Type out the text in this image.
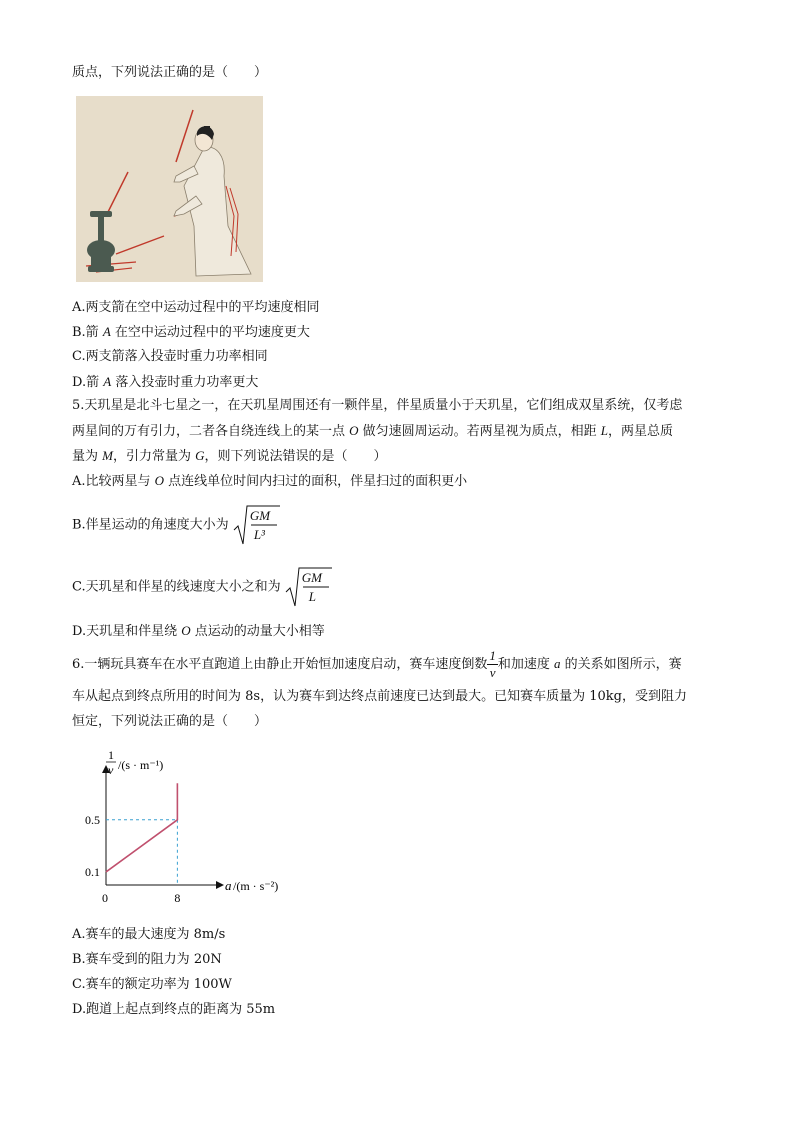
质点，下列说法正确的是（　　）
A.两支箭在空中运动过程中的平均速度相同
B.箭 A 在空中运动过程中的平均速度更大
C.两支箭落入投壶时重力功率相同
D.箭 A 落入投壶时重力功率更大
5.天玑星是北斗七星之一，在天玑星周围还有一颗伴星，伴星质量小于天玑星，它们组成双星系统，仅考虑
两星间的万有引力，二者各自绕连线上的某一点 O 做匀速圆周运动。若两星视为质点，相距 L，两星总质
量为 M，引力常量为 G，则下列说法错误的是（　　）
A.比较两星与 O 点连线单位时间内扫过的面积，伴星扫过的面积更小
B.伴星运动的角速度大小为
GM
L³
C.天玑星和伴星的线速度大小之和为
GM
L
D.天玑星和伴星绕 O 点运动的动量大小相等
6.一辆玩具赛车在水平直跑道上由静止开始恒加速度启动，赛车速度倒数 $\frac{1}{v}$ 和加速度 a 的关系如图所示，赛
车从起点到终点所用的时间为 8s，认为赛车到达终点前速度已达到最大。已知赛车质量为 10kg，受到阻力
恒定，下列说法正确的是（　　）
0.1
0.5
8
1
v /(s · m⁻¹)
a /(m · s⁻²)
0
A.赛车的最大速度为 8m/s
B.赛车受到的阻力为 20N
C.赛车的额定功率为 100W
D.跑道上起点到终点的距离为 55m
